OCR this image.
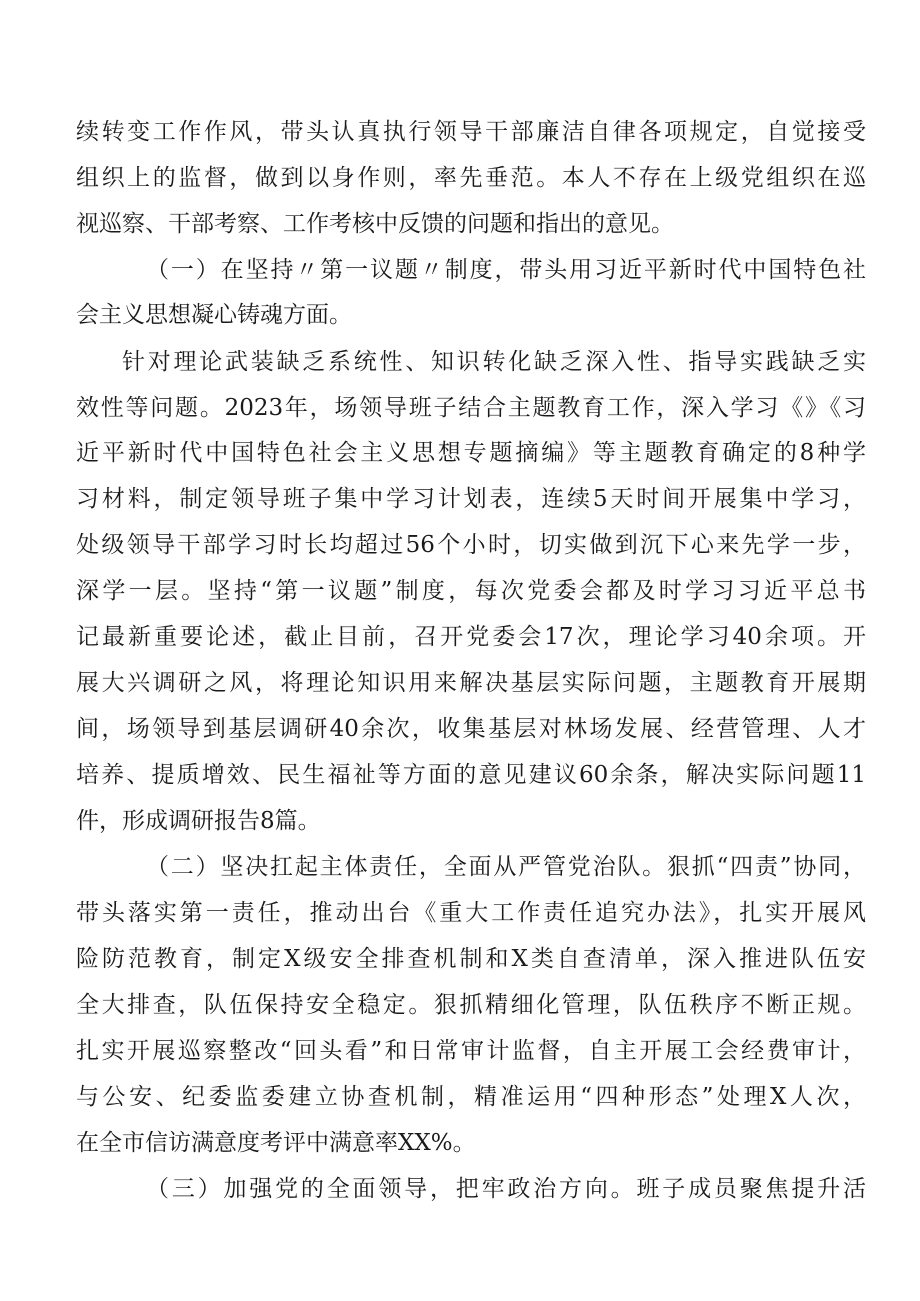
续转变工作作风，带头认真执行领导干部廉洁自律各项规定，自觉接受
组织上的监督，做到以身作则，率先垂范。本人不存在上级党组织在巡
视巡察、干部考察、工作考核中反馈的问题和指出的意见。
（一）在坚持〃第一议题〃制度，带头用习近平新时代中国特色社
会主义思想凝心铸魂方面。
针对理论武装缺乏系统性、知识转化缺乏深入性、指导实践缺乏实
效性等问题。2023年，场领导班子结合主题教育工作，深入学习《》《习
近平新时代中国特色社会主义思想专题摘编》等主题教育确定的8种学
习材料，制定领导班子集中学习计划表，连续5天时间开展集中学习，
处级领导干部学习时长均超过56个小时，切实做到沉下心来先学一步，
深学一层。坚持“第一议题”制度，每次党委会都及时学习习近平总书
记最新重要论述，截止目前，召开党委会17次，理论学习40余项。开
展大兴调研之风，将理论知识用来解决基层实际问题，主题教育开展期
间，场领导到基层调研40余次，收集基层对林场发展、经营管理、人才
培养、提质增效、民生福祉等方面的意见建议60余条，解决实际问题11
件，形成调研报告8篇。
（二）坚决扛起主体责任，全面从严管党治队。狠抓“四责”协同，
带头落实第一责任，推动出台《重大工作责任追究办法》，扎实开展风
险防范教育，制定X级安全排查机制和X类自查清单，深入推进队伍安
全大排查，队伍保持安全稳定。狠抓精细化管理，队伍秩序不断正规。
扎实开展巡察整改“回头看”和日常审计监督，自主开展工会经费审计，
与公安、纪委监委建立协查机制，精准运用“四种形态”处理X人次，
在全市信访满意度考评中满意率XX%。
（三）加强党的全面领导，把牢政治方向。班子成员聚焦提升活
